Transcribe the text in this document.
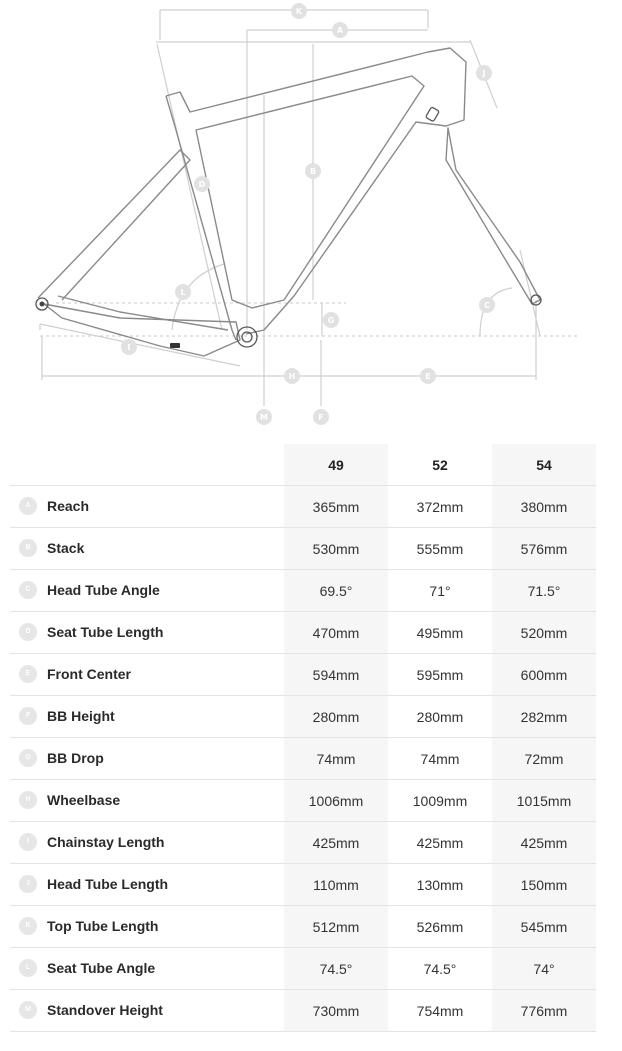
K
A
J
B
D
L
C
G
I
H	E
M	F
	49	52	54
A Reach	365mm	372mm	380mm
B Stack	530mm	555mm	576mm
C Head Tube Angle	69.5°	71°	71.5°
D Seat Tube Length	470mm	495mm	520mm
E Front Center	594mm	595mm	600mm
F BB Height	280mm	280mm	282mm
G BB Drop	74mm	74mm	72mm
H Wheelbase	1006mm	1009mm	1015mm
I Chainstay Length	425mm	425mm	425mm
J Head Tube Length	110mm	130mm	150mm
K Top Tube Length	512mm	526mm	545mm
L Seat Tube Angle	74.5°	74.5°	74°
M Standover Height	730mm	754mm	776mm
